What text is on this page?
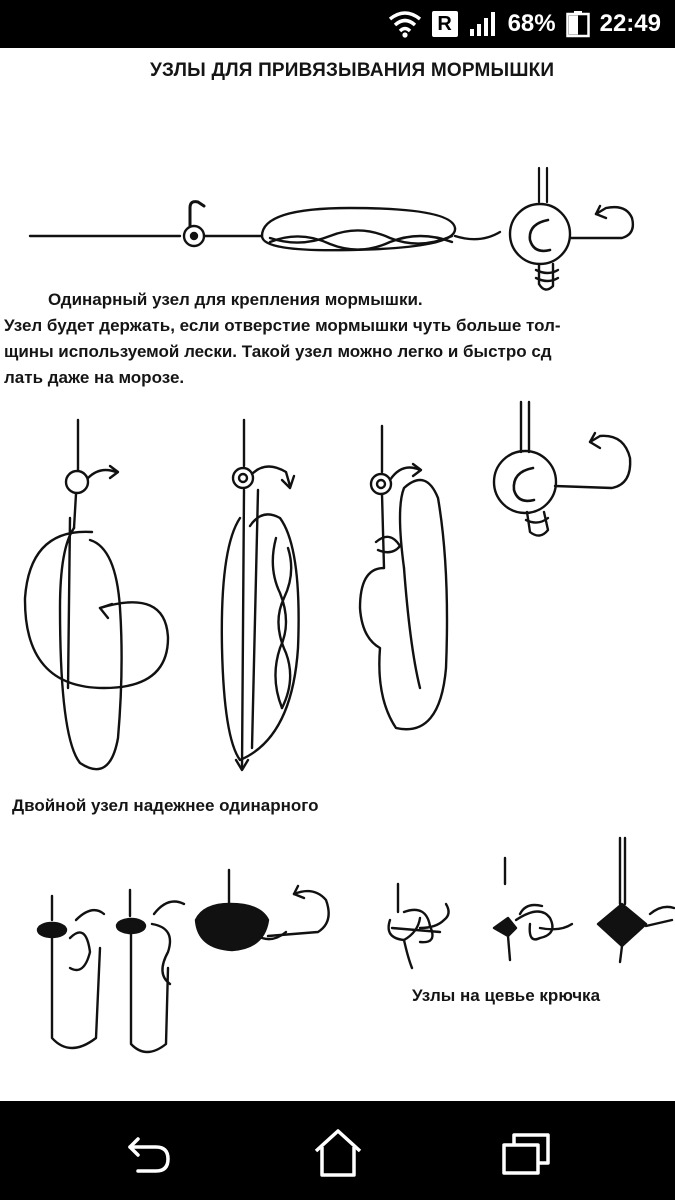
R 68% 22:49
УЗЛЫ ДЛЯ ПРИВЯЗЫВАНИЯ МОРМЫШКИ
Одинарный узел для крепления мормышки.
Узел будет держать, если отверстие мормышки чуть больше тол-
щины используемой лески. Такой узел можно легко и быстро сд
лать даже на морозе.
Двойной узел надежнее одинарного
Узлы на цевье крючка
